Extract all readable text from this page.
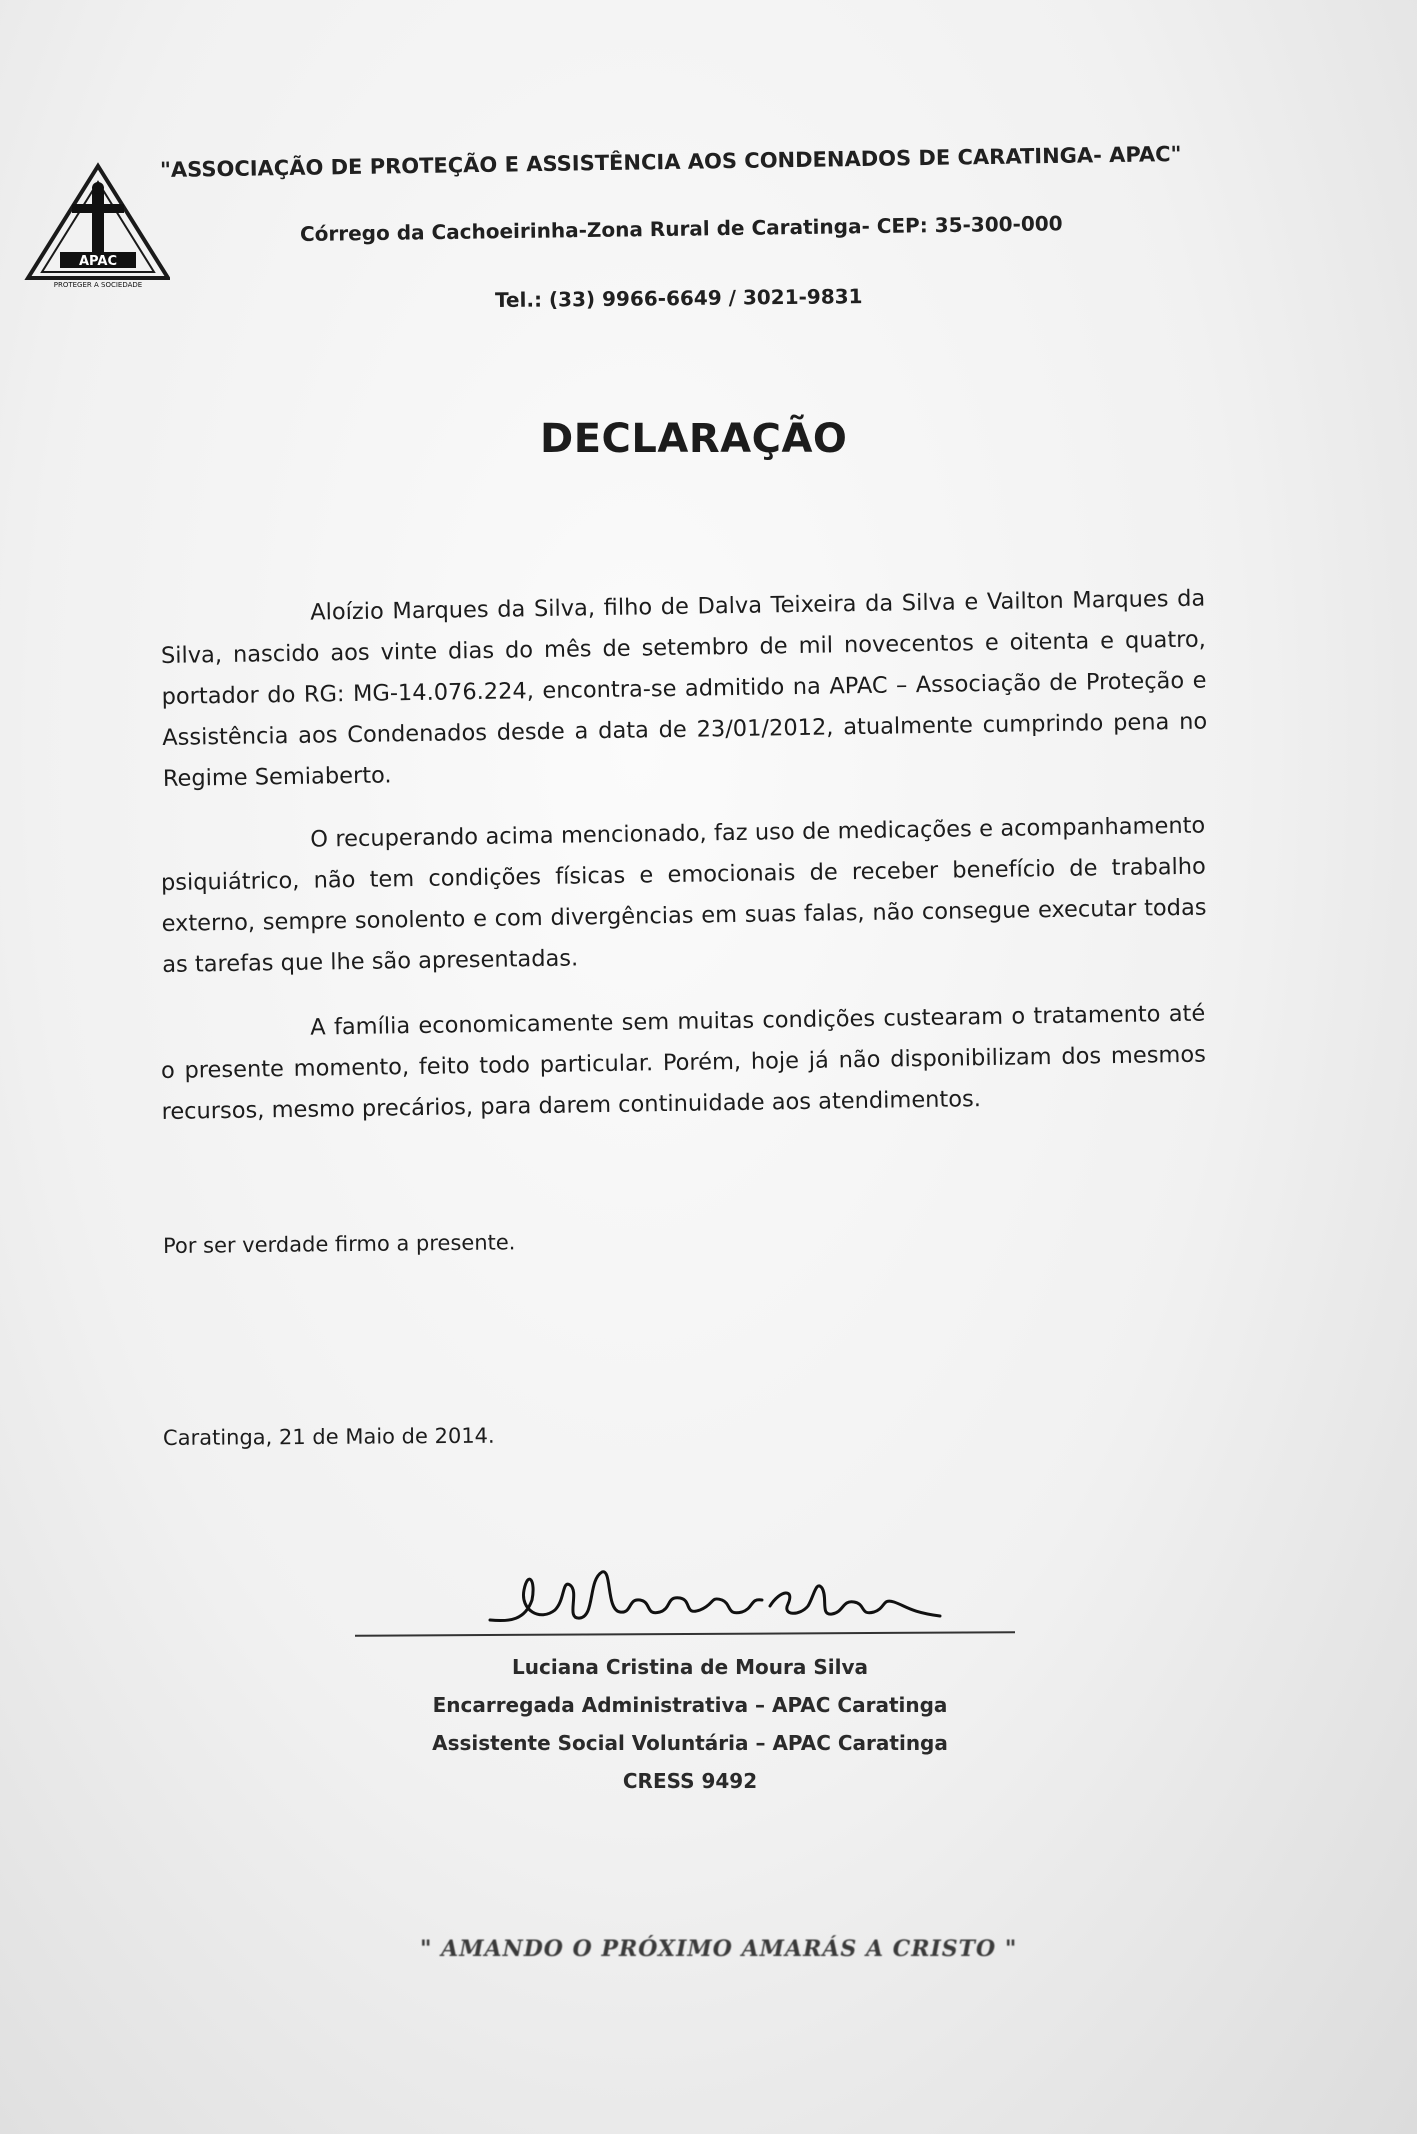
APAC
PROTEGER A SOCIEDADE
"ASSOCIAÇÃO DE PROTEÇÃO E ASSISTÊNCIA AOS CONDENADOS DE CARATINGA- APAC"
Córrego da Cachoeirinha-Zona Rural de Caratinga- CEP: 35-300-000
Tel.: (33) 9966-6649 / 3021-9831
DECLARAÇÃO
Aloízio Marques da Silva, filho de Dalva Teixeira da Silva e Vailton Marques da Silva, nascido aos vinte dias do mês de setembro de mil novecentos e oitenta e quatro, portador do RG: MG-14.076.224, encontra-se admitido na APAC – Associação de Proteção e Assistência aos Condenados desde a data de 23/01/2012, atualmente cumprindo pena no Regime Semiaberto.
O recuperando acima mencionado, faz uso de medicações e acompanhamento psiquiátrico, não tem condições físicas e emocionais de receber benefício de trabalho externo, sempre sonolento e com divergências em suas falas, não consegue executar todas as tarefas que lhe são apresentadas.
A família economicamente sem muitas condições custearam o tratamento até o presente momento, feito todo particular. Porém, hoje já não disponibilizam dos mesmos recursos, mesmo precários, para darem continuidade aos atendimentos.
Por ser verdade firmo a presente.
Caratinga, 21 de Maio de 2014.
Luciana Cristina de Moura Silva
Encarregada Administrativa – APAC Caratinga
Assistente Social Voluntária – APAC Caratinga
CRESS 9492
" AMANDO O PRÓXIMO AMARÁS A CRISTO "
